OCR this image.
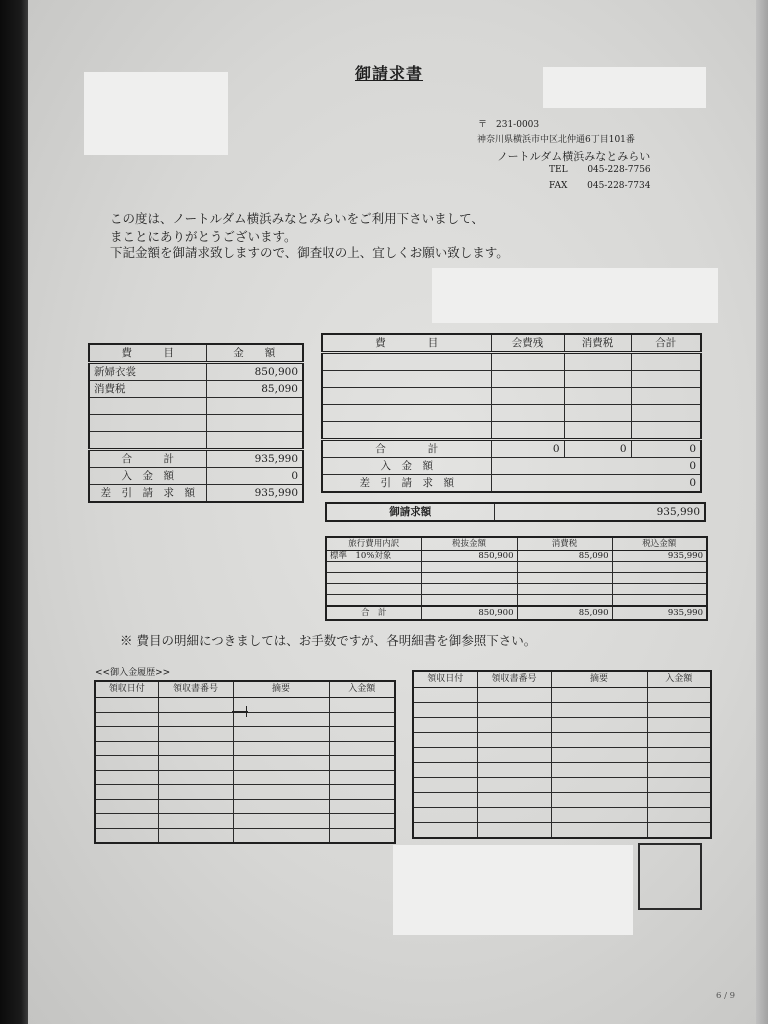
御請求書
〒　231-0003
神奈川県横浜市中区北仲通6丁目101番
ノートルダム横浜みなとみらい
TEL 045-228-7756
FAX 045-228-7734
この度は、ノートルダム横浜みなとみらいをご利用下さいまして、
まことにありがとうございます。
下記金額を御請求致しますので、御査収の上、宜しくお願い致します。
費　　　目	金　　額
新婦衣裳	850,900
消費税	85,090

合　　　計	935,990
入　金　額	0
差　引　請　求　額	935,990
費　　　　目	会費残	消費税	合計

合　　　　計	0	0	0
入　金　額	0		
差　引　請　求　額	0		
御請求額	935,990
旅行費用内訳	税抜金額	消費税	税込金額
標準　10%対象	850,900	85,090	935,990

合　計	850,900	85,090	935,990
※ 費目の明細につきましては、お手数ですが、各明細書を御参照下さい。
<<御入金履歴>>
領収日付	領収書番号	摘要	入金額

領収日付	領収書番号	摘要	入金額

6 / 9
